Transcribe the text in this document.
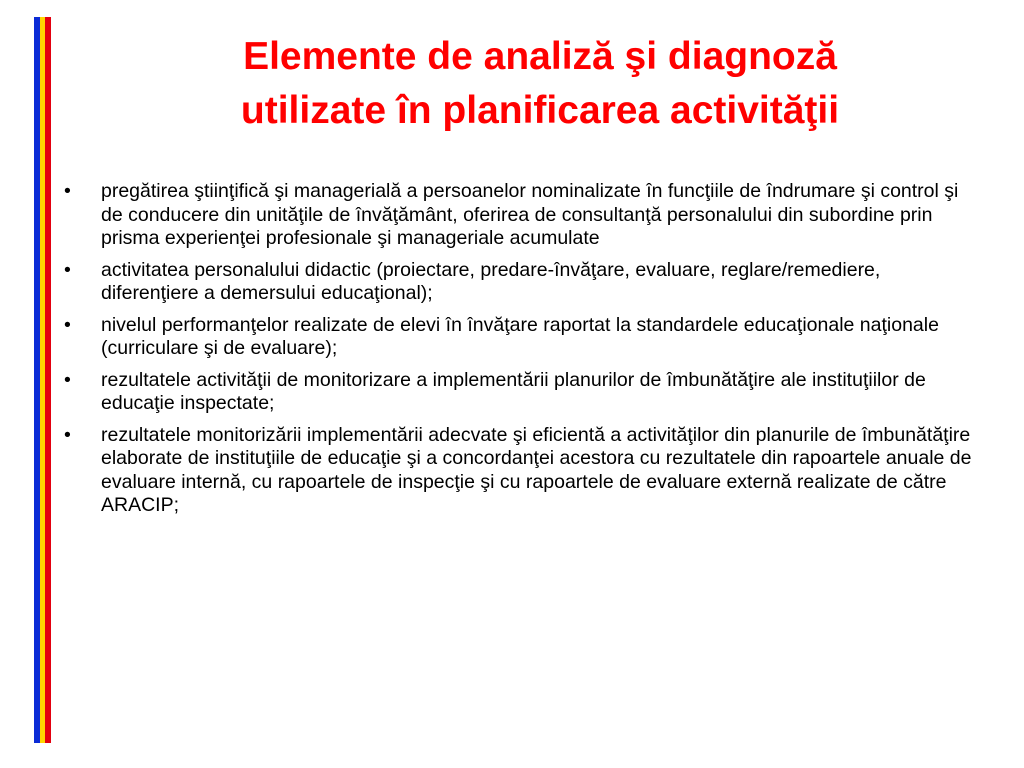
Elemente de analiză şi diagnoză
utilizate în planificarea activităţii
• pregătirea ştiinţifică şi managerială a persoanelor nominalizate în funcţiile de îndrumare şi control şi de conducere din unităţile de învăţământ, oferirea de consultanţă personalului din subordine prin prisma experienţei profesionale şi manageriale acumulate
• activitatea personalului didactic (proiectare, predare-învăţare, evaluare, reglare/remediere, diferenţiere a demersului educaţional);
• nivelul performanţelor realizate de elevi în învăţare raportat la standardele educaţionale naţionale (curriculare şi de evaluare);
• rezultatele activităţii de monitorizare a implementării planurilor de îmbunătăţire ale instituţiilor de educaţie inspectate;
• rezultatele monitorizării implementării adecvate şi eficientă a activităţilor din planurile de îmbunătăţire elaborate de instituţiile de educaţie şi a concordanţei acestora cu rezultatele din rapoartele anuale de evaluare internă, cu rapoartele de inspecţie şi cu rapoartele de evaluare externă realizate de către ARACIP;
